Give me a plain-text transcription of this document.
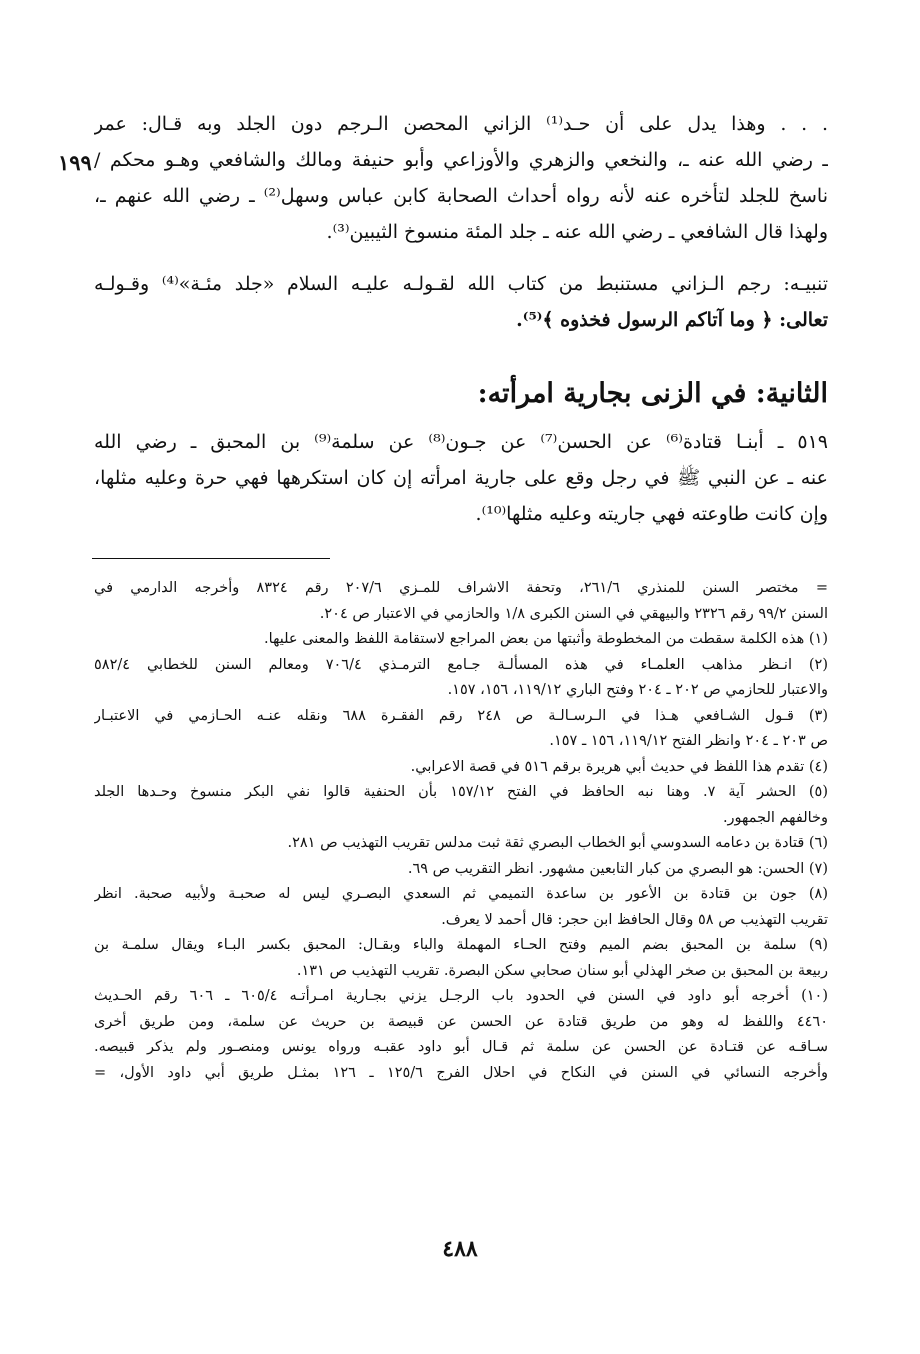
١٩٩
. . . وهذا يدل على أن حـد⁽¹⁾ الزاني المحصن الـرجم دون الجلد وبه قـال: عمر
ـ رضي الله عنه ـ، والنخعي والزهري والأوزاعي وأبو حنيفة ومالك والشافعي وهـو محكم /
ناسخ للجلد لتأخره عنه لأنه رواه أحداث الصحابة كابن عباس وسهل⁽²⁾ ـ رضي الله عنهم ـ،
ولهذا قال الشافعي ـ رضي الله عنه ـ جلد المئة منسوخ الثيبين⁽³⁾.
تنبيـه: رجم الـزاني مستنبط من كتاب الله لقـولـه عليـه السلام «جلد مئـة»⁽⁴⁾ وقـولـه
تعالى: ﴿ وما آتاكم الرسول فخذوه ﴾⁽⁵⁾.
الثانية: في الزنى بجارية امرأته:
٥١٩ ـ أبنـا قتادة⁽⁶⁾ عن الحسن⁽⁷⁾ عن جـون⁽⁸⁾ عن سلمة⁽⁹⁾ بن المحبق ـ رضي الله
عنه ـ عن النبي ﷺ في رجل وقع على جارية امرأته إن كان استكرهها فهي حرة وعليه مثلها،
وإن كانت طاوعته فهي جاريته وعليه مثلها⁽¹⁰⁾.
= مختصر السنن للمنذري ٢٦١/٦، وتحفة الاشراف للمـزي ٢٠٧/٦ رقم ٨٣٢٤ وأخرجه الدارمي في
السنن ٩٩/٢ رقم ٢٣٢٦ والبيهقي في السنن الكبرى ١/٨ والحازمي في الاعتبار ص ٢٠٤.
(١) هذه الكلمة سقطت من المخطوطة وأثبتها من بعض المراجع لاستقامة اللفظ والمعنى عليها.
(٢) انـظر مذاهب العلمـاء في هذه المسألـة جـامع الترمـذي ٧٠٦/٤ ومعالم السنن للخطابي ٥٨٢/٤
والاعتبار للحازمي ص ٢٠٢ ـ ٢٠٤ وفتح الباري ١١٩/١٢، ١٥٦، ١٥٧.
(٣) قـول الشـافعي هـذا في الـرسـالـة ص ٢٤٨ رقم الفقـرة ٦٨٨ ونقله عنـه الحـازمي في الاعتبـار
ص ٢٠٣ ـ ٢٠٤ وانظر الفتح ١١٩/١٢، ١٥٦ ـ ١٥٧.
(٤) تقدم هذا اللفظ في حديث أبي هريرة برقم ٥١٦ في قصة الاعرابي.
(٥) الحشر آية ٧. وهنا نبه الحافظ في الفتح ١٥٧/١٢ بأن الحنفية قالوا نفي البكر منسوخ وحـدها الجلد
وخالفهم الجمهور.
(٦) قتادة بن دعامه السدوسي أبو الخطاب البصري ثقة ثبت مدلس تقريب التهذيب ص ٢٨١.
(٧) الحسن: هو البصري من كبار التابعين مشهور. انظر التقريب ص ٦٩.
(٨) جون بن قتادة بن الأعور بن ساعدة التميمي ثم السعدي البصـري ليس له صحبـة ولأبيه صحبة. انظر
تقريب التهذيب ص ٥٨ وقال الحافظ ابن حجر: قال أحمد لا يعرف.
(٩) سلمة بن المحبق بضم الميم وفتح الحـاء المهملة والباء وبقـال: المحبق بكسر البـاء ويقال سلمـة بن
ربيعة بن المحبق بن صخر الهذلي أبو سنان صحابي سكن البصرة. تقريب التهذيب ص ١٣١.
(١٠) أخرجه أبو داود في السنن في الحدود باب الرجـل يزني بجـارية امـرأتـه ٦٠٥/٤ ـ ٦٠٦ رقم الحـديث
٤٤٦٠ واللفظ له وهو من طريق قتادة عن الحسن عن قبيصة بن حريث عن سلمة، ومن طريق أخرى
سـاقـه عن قتـادة عن الحسن عن سلمة ثم قـال أبو داود عقبـه ورواه يونس ومنصـور ولم يذكر قبيصه.
وأخرجه النسائي في السنن في النكاح في احلال الفرج ١٢٥/٦ ـ ١٢٦ بمثـل طريق أبي داود الأول، =
٤٨٨
